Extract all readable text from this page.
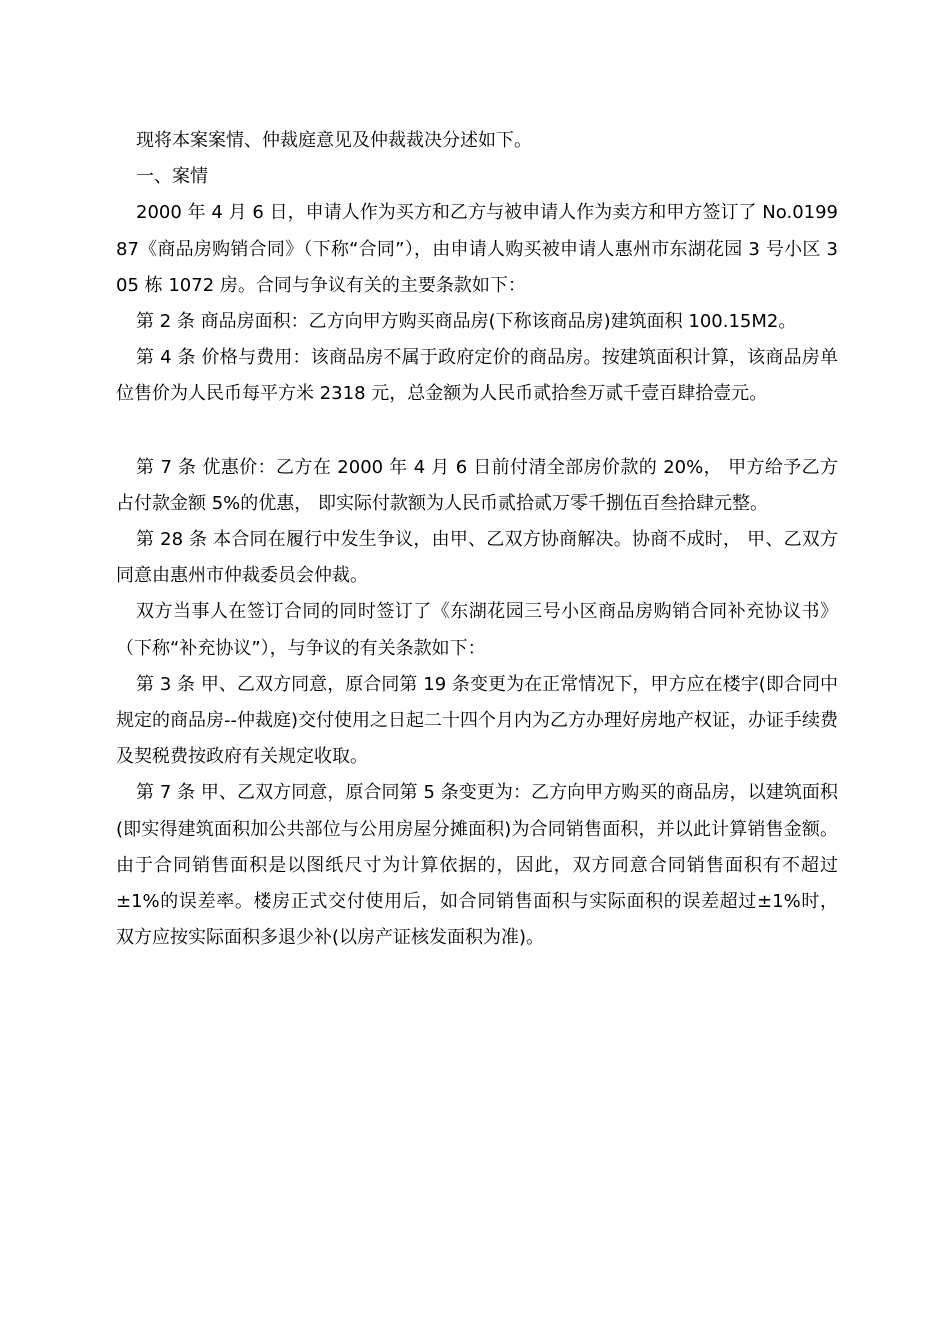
现将本案案情、仲裁庭意见及仲裁裁决分述如下。

一、案情

2000 年 4 月 6 日，申请人作为买方和乙方与被申请人作为卖方和甲方签订了 No.019987《商品房购销合同》（下称“合同”），由申请人购买被申请人惠州市东湖花园 3 号小区 305 栋 1072 房。合同与争议有关的主要条款如下：

第 2 条 商品房面积：乙方向甲方购买商品房(下称该商品房)建筑面积 100.15M2。

第 4 条 价格与费用：该商品房不属于政府定价的商品房。按建筑面积计算，该商品房单位售价为人民币每平方米 2318 元，总金额为人民币贰拾叁万贰千壹百肆拾壹元。

第 7 条 优惠价：乙方在 2000 年 4 月 6 日前付清全部房价款的 20%， 甲方给予乙方占付款金额 5%的优惠， 即实际付款额为人民币贰拾贰万零千捌伍百叁拾肆元整。

第 28 条 本合同在履行中发生争议，由甲、乙双方协商解决。协商不成时， 甲、乙双方同意由惠州市仲裁委员会仲裁。

双方当事人在签订合同的同时签订了《东湖花园三号小区商品房购销合同补充协议书》（下称“补充协议”），与争议的有关条款如下：

第 3 条 甲、乙双方同意，原合同第 19 条变更为在正常情况下，甲方应在楼宇(即合同中规定的商品房--仲裁庭)交付使用之日起二十四个月内为乙方办理好房地产权证，办证手续费及契税费按政府有关规定收取。

第 7 条 甲、乙双方同意，原合同第 5 条变更为：乙方向甲方购买的商品房，以建筑面积(即实得建筑面积加公共部位与公用房屋分摊面积)为合同销售面积，并以此计算销售金额。由于合同销售面积是以图纸尺寸为计算依据的，因此，双方同意合同销售面积有不超过±1%的误差率。楼房正式交付使用后，如合同销售面积与实际面积的误差超过±1%时， 双方应按实际面积多退少补(以房产证核发面积为准)。
